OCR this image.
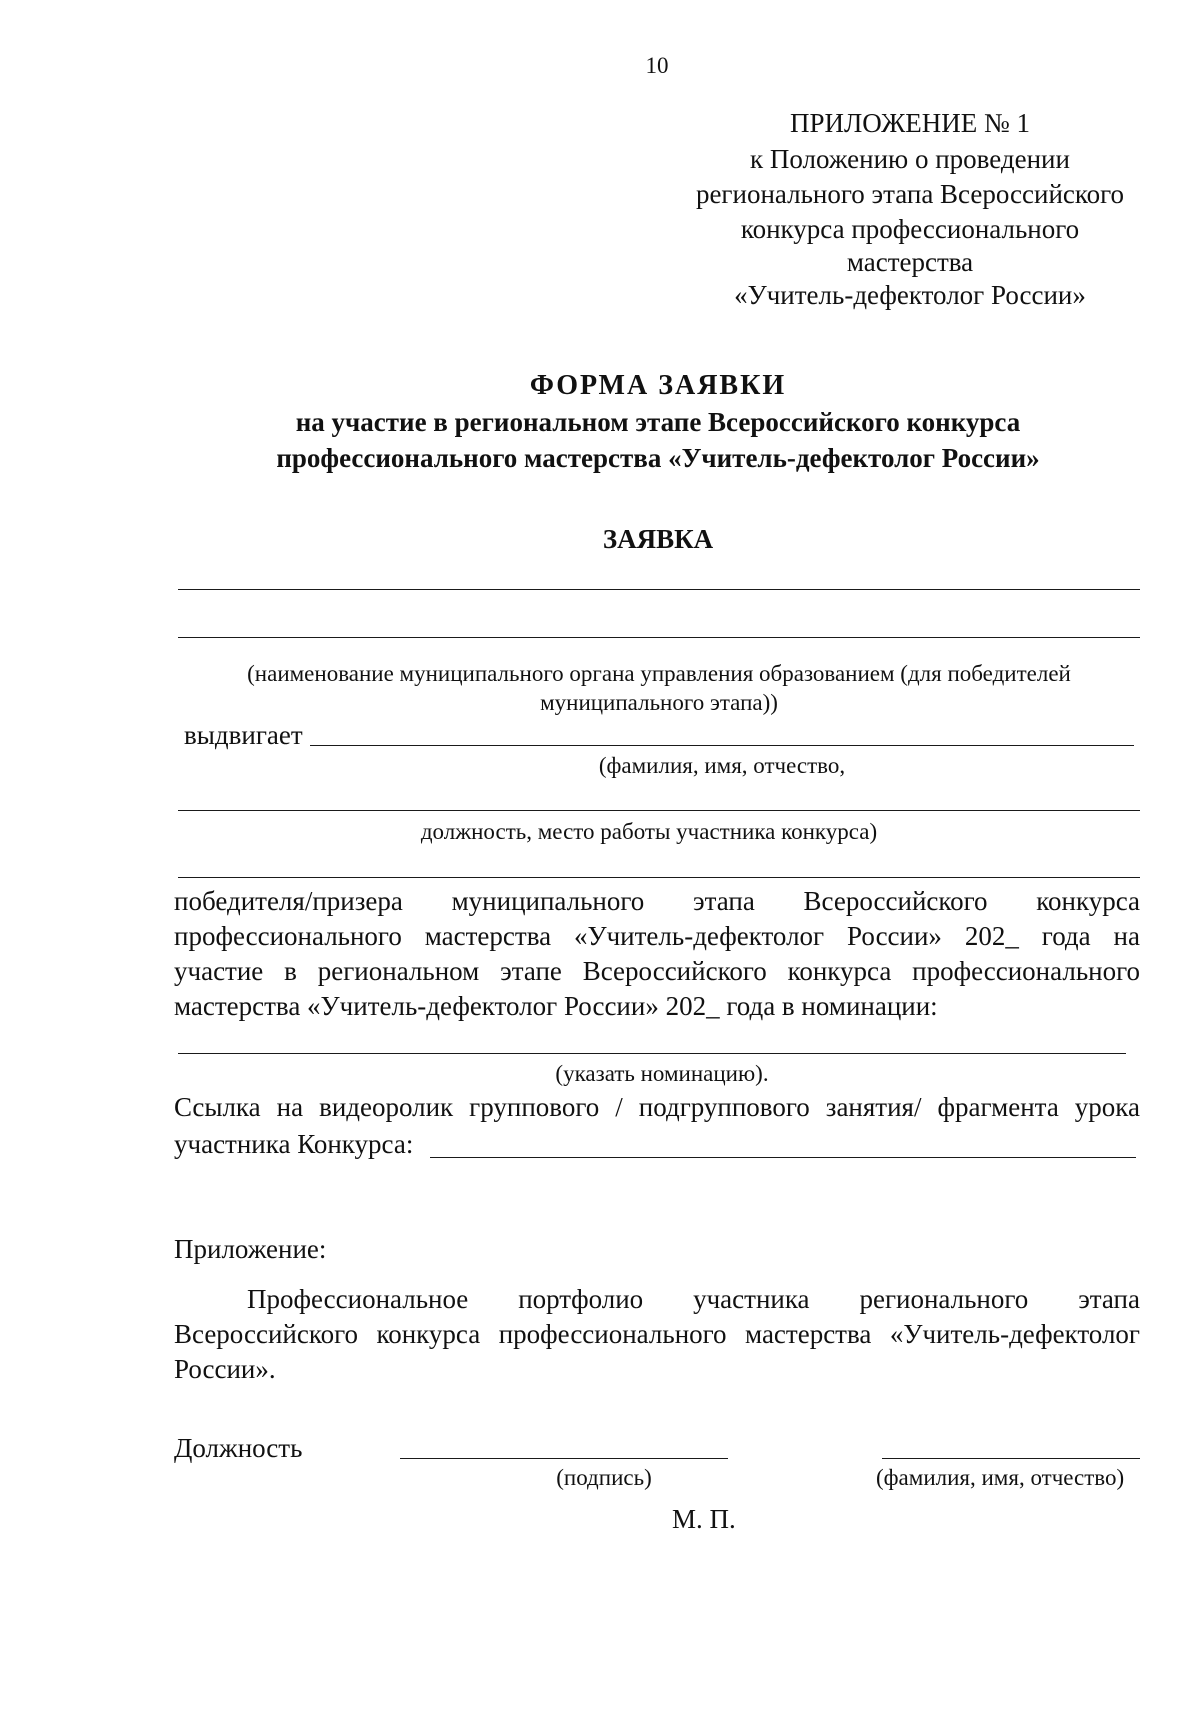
10
ПРИЛОЖЕНИЕ № 1
к Положению о проведении
регионального этапа Всероссийского
конкурса профессионального
мастерства
«Учитель-дефектолог России»
ФОРМА ЗАЯВКИ
на участие в региональном этапе Всероссийского конкурса
профессионального мастерства «Учитель-дефектолог России»
ЗАЯВКА
(наименование муниципального органа управления образованием (для победителей
муниципального этапа))
выдвигает
(фамилия, имя, отчество,
должность, место работы участника конкурса)
победителя/призера муниципального этапа Всероссийского конкурса
профессионального мастерства «Учитель-дефектолог России» 202_ года на
участие в региональном этапе Всероссийского конкурса профессионального
мастерства «Учитель-дефектолог России» 202_ года в номинации:
(указать номинацию).
Ссылка на видеоролик группового / подгруппового занятия/ фрагмента урока
участника Конкурса:
Приложение:
Профессиональное портфолио участника регионального этапа
Всероссийского конкурса профессионального мастерства «Учитель-дефектолог
России».
Должность
(подпись)	(фамилия, имя, отчество)
М. П.
